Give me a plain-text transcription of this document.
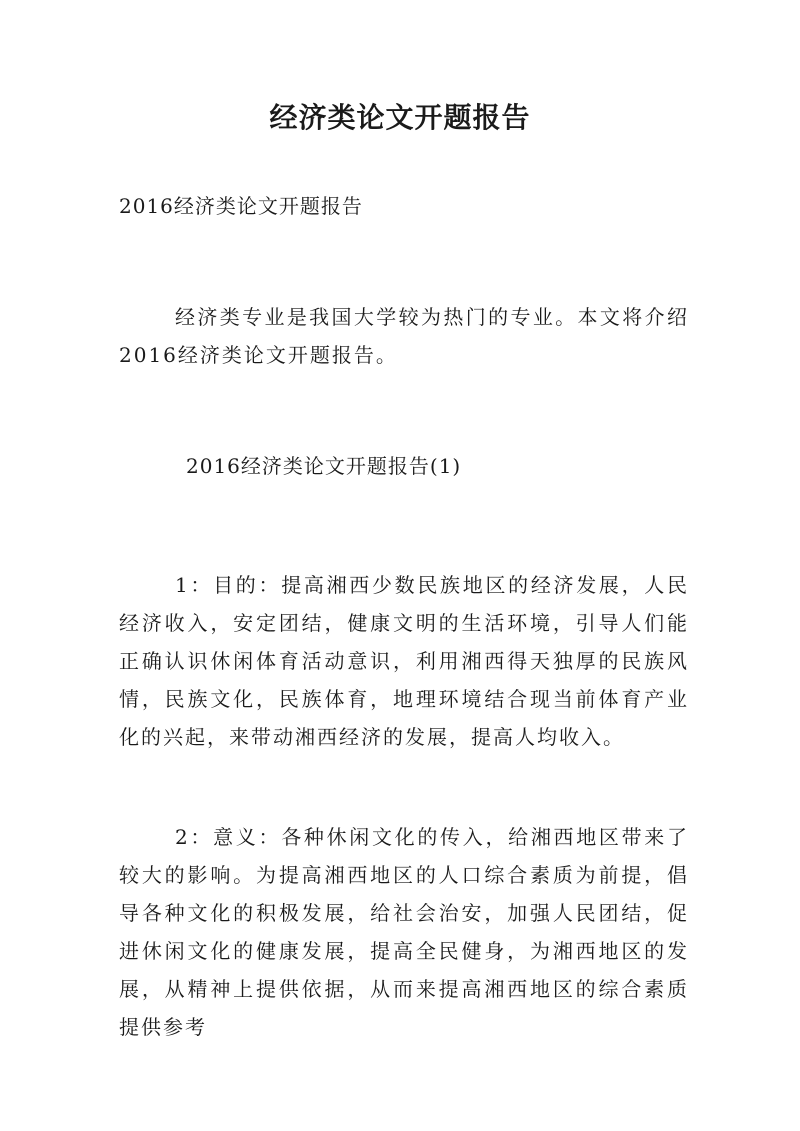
经济类论文开题报告

2016经济类论文开题报告

经济类专业是我国大学较为热门的专业。本文将介绍2016经济类论文开题报告。

2016经济类论文开题报告(1)

1：目的：提高湘西少数民族地区的经济发展，人民经济收入，安定团结，健康文明的生活环境，引导人们能正确认识休闲体育活动意识，利用湘西得天独厚的民族风情，民族文化，民族体育，地理环境结合现当前体育产业化的兴起，来带动湘西经济的发展，提高人均收入。

2：意义：各种休闲文化的传入，给湘西地区带来了较大的影响。为提高湘西地区的人口综合素质为前提，倡导各种文化的积极发展，给社会治安，加强人民团结，促进休闲文化的健康发展，提高全民健身，为湘西地区的发展，从精神上提供依据，从而来提高湘西地区的综合素质提供参考
